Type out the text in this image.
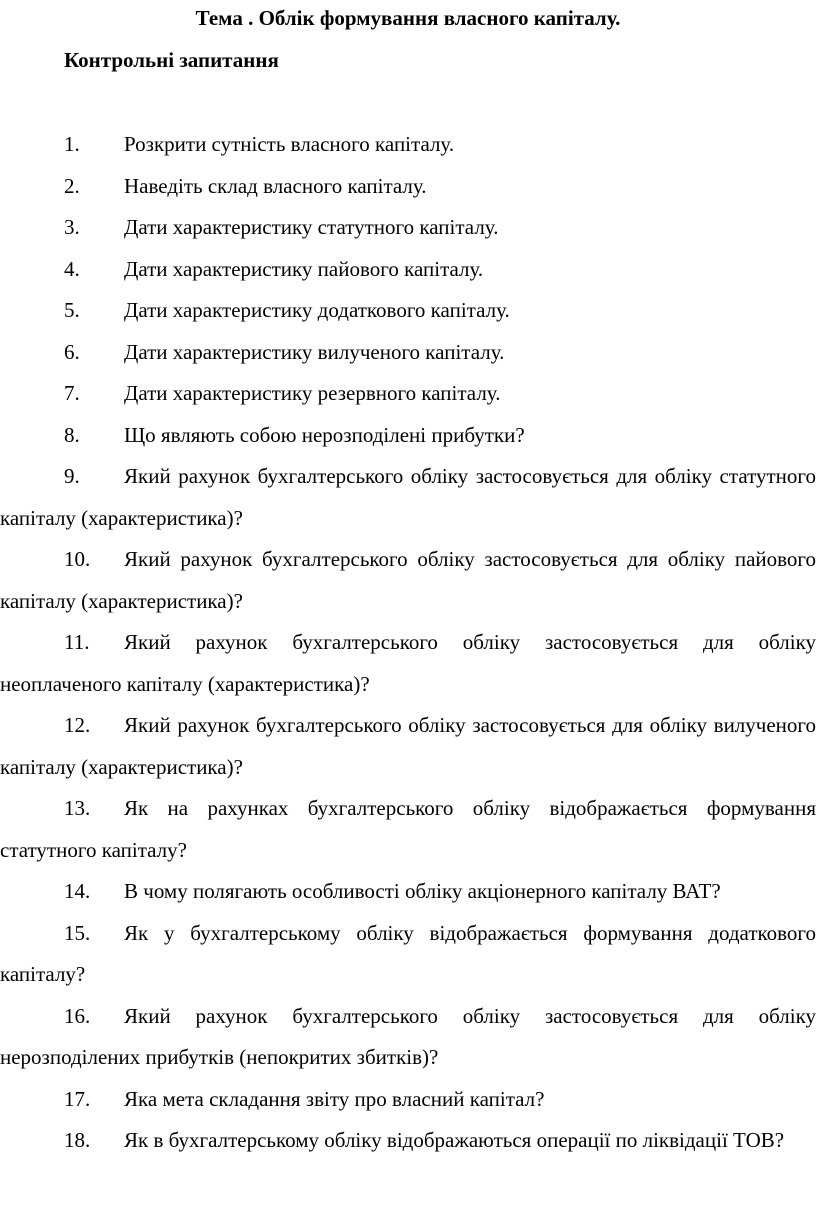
Тема . Облік формування власного капіталу.
Контрольні запитання
1.	Розкрити сутність власного капіталу.
2.	Наведіть склад власного капіталу.
3.	Дати характеристику статутного капіталу.
4.	Дати характеристику пайового капіталу.
5.	Дати характеристику додаткового капіталу.
6.	Дати характеристику вилученого капіталу.
7.	Дати характеристику резервного капіталу.
8.	Що являють собою нерозподілені прибутки?
9.	Який рахунок бухгалтерського обліку застосовується для обліку статутного капіталу (характеристика)?
10.	Який рахунок бухгалтерського обліку застосовується для обліку пайового капіталу (характеристика)?
11.	Який рахунок бухгалтерського обліку застосовується для обліку неоплаченого капіталу (характеристика)?
12.	Який рахунок бухгалтерського обліку застосовується для обліку вилученого капіталу (характеристика)?
13.	Як на рахунках бухгалтерського обліку відображається формування статутного капіталу?
14.	В чому полягають особливості обліку акціонерного капіталу ВАТ?
15.	Як у бухгалтерському обліку відображається формування додаткового капіталу?
16.	Який рахунок бухгалтерського обліку застосовується для обліку нерозподілених прибутків (непокритих збитків)?
17.	Яка мета складання звіту про власний капітал?
18.	Як в бухгалтерському обліку відображаються операції по ліквідації ТОВ?
